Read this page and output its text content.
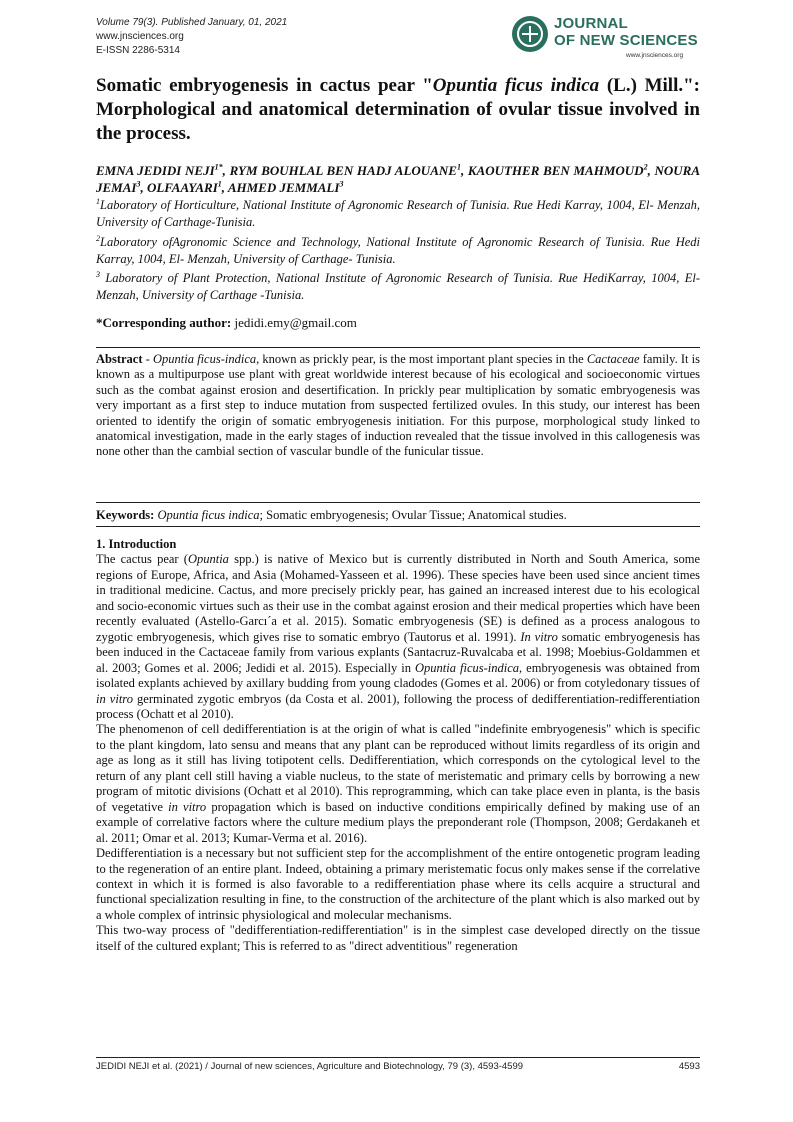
Volume 79(3). Published January, 01, 2021
www.jnsciences.org
E-ISSN 2286-5314
JOURNAL
OF NEW SCIENCES
www.jnsciences.org
Somatic embryogenesis in cactus pear "Opuntia ficus indica (L.) Mill.": Morphological and anatomical determination of ovular tissue involved in the process.
EMNA JEDIDI $NEJI^{1*}$, RYM BOUHLAL BEN HADJ ALOUANE$^1$, KAOUTHER BEN MAHMOUD$^2$, NOURA JEMAI$^3$, OLFAAYARI$^1$, AHMED JEMMALI$^3$
$^1$Laboratory of Horticulture, National Institute of Agronomic Research of Tunisia. Rue Hedi Karray, 1004, El- Menzah, University of Carthage-Tunisia.
$^2$Laboratory ofAgronomic Science and Technology, National Institute of Agronomic Research of Tunisia. Rue Hedi Karray, 1004, El- Menzah, University of Carthage- Tunisia.
$^3$ Laboratory of Plant Protection, National Institute of Agronomic Research of Tunisia. Rue HediKarray, 1004, El- Menzah, University of Carthage -Tunisia.
*Corresponding author: jedidi.emy@gmail.com
Abstract - Opuntia ficus-indica, known as prickly pear, is the most important plant species in the Cactaceae family. It is known as a multipurpose use plant with great worldwide interest because of his ecological and socioeconomic virtues such as the combat against erosion and desertification. In prickly pear multiplication by somatic embryogenesis was very important as a first step to induce mutation from suspected fertilized ovules. In this study, our interest has been oriented to identify the origin of somatic embryogenesis initiation. For this purpose, morphological study linked to anatomical investigation, made in the early stages of induction revealed that the tissue involved in this callogenesis was none other than the cambial section of vascular bundle of the funicular tissue.
Keywords: Opuntia ficus indica; Somatic embryogenesis; Ovular Tissue; Anatomical studies.

1. Introduction

The cactus pear (Opuntia spp.) is native of Mexico but is currently distributed in North and South America, some regions of Europe, Africa, and Asia (Mohamed-Yasseen et al. 1996). These species have been used since ancient times in traditional medicine. Cactus, and more precisely prickly pear, has gained an increased interest due to his ecological and socio-economic virtues such as their use in the combat against erosion and their medical properties which have been recently evaluated (Astello-Garcı´a et al. 2015). Somatic embryogenesis (SE) is defined as a process analogous to zygotic embryogenesis, which gives rise to somatic embryo (Tautorus et al. 1991). In vitro somatic embryogenesis has been induced in the Cactaceae family from various explants (Santacruz-Ruvalcaba et al. 1998; Moebius-Goldammen et al. 2003; Gomes et al. 2006; Jedidi et al. 2015). Especially in Opuntia ficus-indica, embryogenesis was obtained from isolated explants achieved by axillary budding from young cladodes (Gomes et al. 2006) or from cotyledonary tissues of in vitro germinated zygotic embryos (da Costa et al. 2001), following the process of dedifferentiation-redifferentiation process (Ochatt et al 2010).

The phenomenon of cell dedifferentiation is at the origin of what is called "indefinite embryogenesis" which is specific to the plant kingdom, lato sensu and means that any plant can be reproduced without limits regardless of its origin and age as long as it still has living totipotent cells. Dedifferentiation, which corresponds on the cytological level to the return of any plant cell still having a viable nucleus, to the state of meristematic and primary cells by borrowing a new program of mitotic divisions (Ochatt et al 2010). This reprogramming, which can take place even in planta, is the basis of vegetative in vitro propagation which is based on inductive conditions empirically defined by making use of an example of correlative factors where the culture medium plays the preponderant role (Thompson, 2008; Gerdakaneh et al. 2011; Omar et al. 2013; Kumar-Verma et al. 2016).

Dedifferentiation is a necessary but not sufficient step for the accomplishment of the entire ontogenetic program leading to the regeneration of an entire plant. Indeed, obtaining a primary meristematic focus only makes sense if the correlative context in which it is formed is also favorable to a redifferentiation phase where its cells acquire a structural and functional specialization resulting in fine, to the construction of the architecture of the plant which is also marked out by a whole complex of intrinsic physiological and molecular mechanisms.

This two-way process of "dedifferentiation-redifferentiation" is in the simplest case developed directly on the tissue itself of the cultured explant; This is referred to as "direct adventitious" regeneration

JEDIDI NEJI et al. (2021) / Journal of new sciences, Agriculture and Biotechnology, 79 (3), 4593-4599	4593
